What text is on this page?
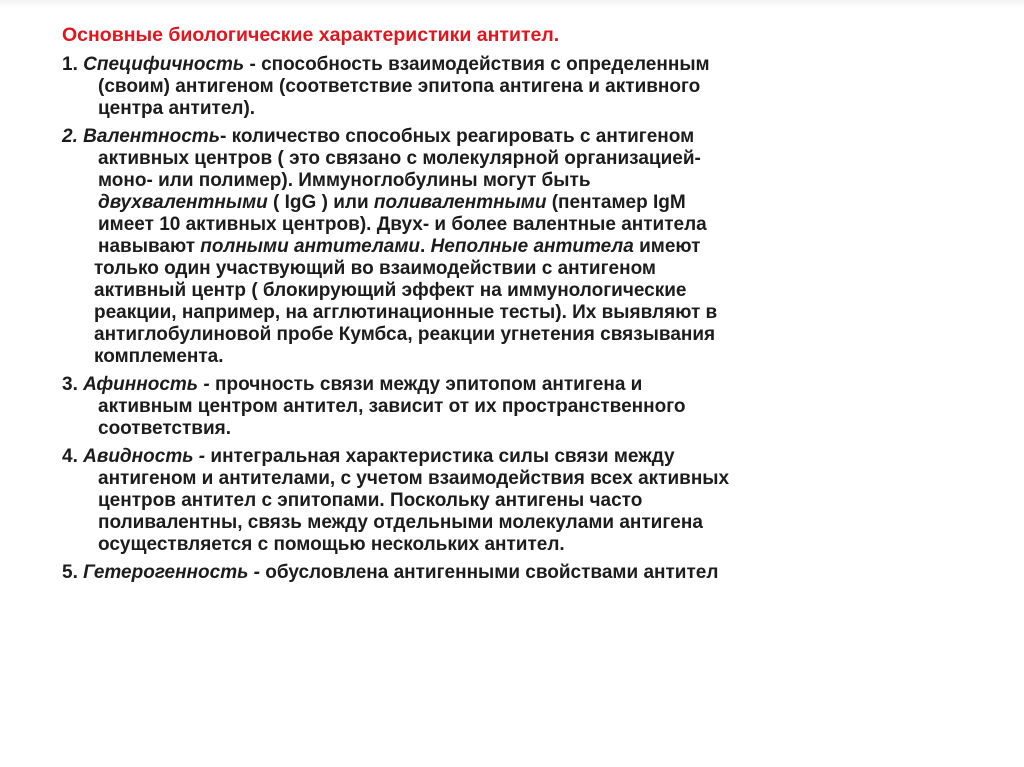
Основные биологические характеристики антител.
1. Специфичность - способность взаимодействия с определенным
(своим) антигеном (соответствие эпитопа антигена и активного
центра антител).
2. Валентность- количество способных реагировать с антигеном
активных центров ( это связано с молекулярной организацией-
моно- или полимер). Иммуноглобулины могут быть
двухвалентными ( IgG ) или поливалентными (пентамер IgM
имеет 10 активных центров). Двух- и более валентные антитела
навывают полными антителами. Неполные антитела имеют
только один участвующий во взаимодействии с антигеном
активный центр ( блокирующий эффект на иммунологические
реакции, например, на агглютинационные тесты). Их выявляют в
антиглобулиновой пробе Кумбса, реакции угнетения связывания
комплемента.
3. Афинность - прочность связи между эпитопом антигена и
активным центром антител, зависит от их пространственного
соответствия.
4. Авидность - интегральная характеристика силы связи между
антигеном и антителами, с учетом взаимодействия всех активных
центров антител с эпитопами. Поскольку антигены часто
поливалентны, связь между отдельными молекулами антигена
осуществляется с помощью нескольких антител.
5. Гетерогенность - обусловлена антигенными свойствами антител
